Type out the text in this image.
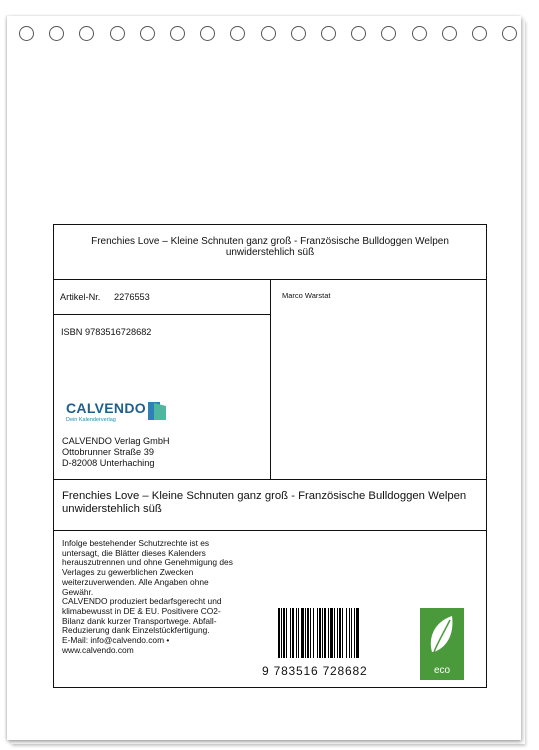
Frenchies Love – Kleine Schnuten ganz groß - Französische Bulldoggen Welpen unwiderstehlich süß
Artikel-Nr. 2276553	Marco Warstat
ISBN 9783516728682
CALVENDO
Dein Kalenderverlag
CALVENDO Verlag GmbH
Ottobrunner Straße 39
D-82008 Unterhaching
Frenchies Love – Kleine Schnuten ganz groß - Französische Bulldoggen Welpen unwiderstehlich süß
Infolge bestehender Schutzrechte ist es
untersagt, die Blätter dieses Kalenders
herauszutrennen und ohne Genehmigung des
Verlages zu gewerblichen Zwecken
weiterzuverwenden. Alle Angaben ohne
Gewähr.
CALVENDO produziert bedarfsgerecht und
klimabewusst in DE & EU. Positivere CO2-
Bilanz dank kurzer Transportwege. Abfall-
Reduzierung dank Einzelstückfertigung.
E-Mail: info@calvendo.com •
www.calvendo.com
9 783516 728682	eco
